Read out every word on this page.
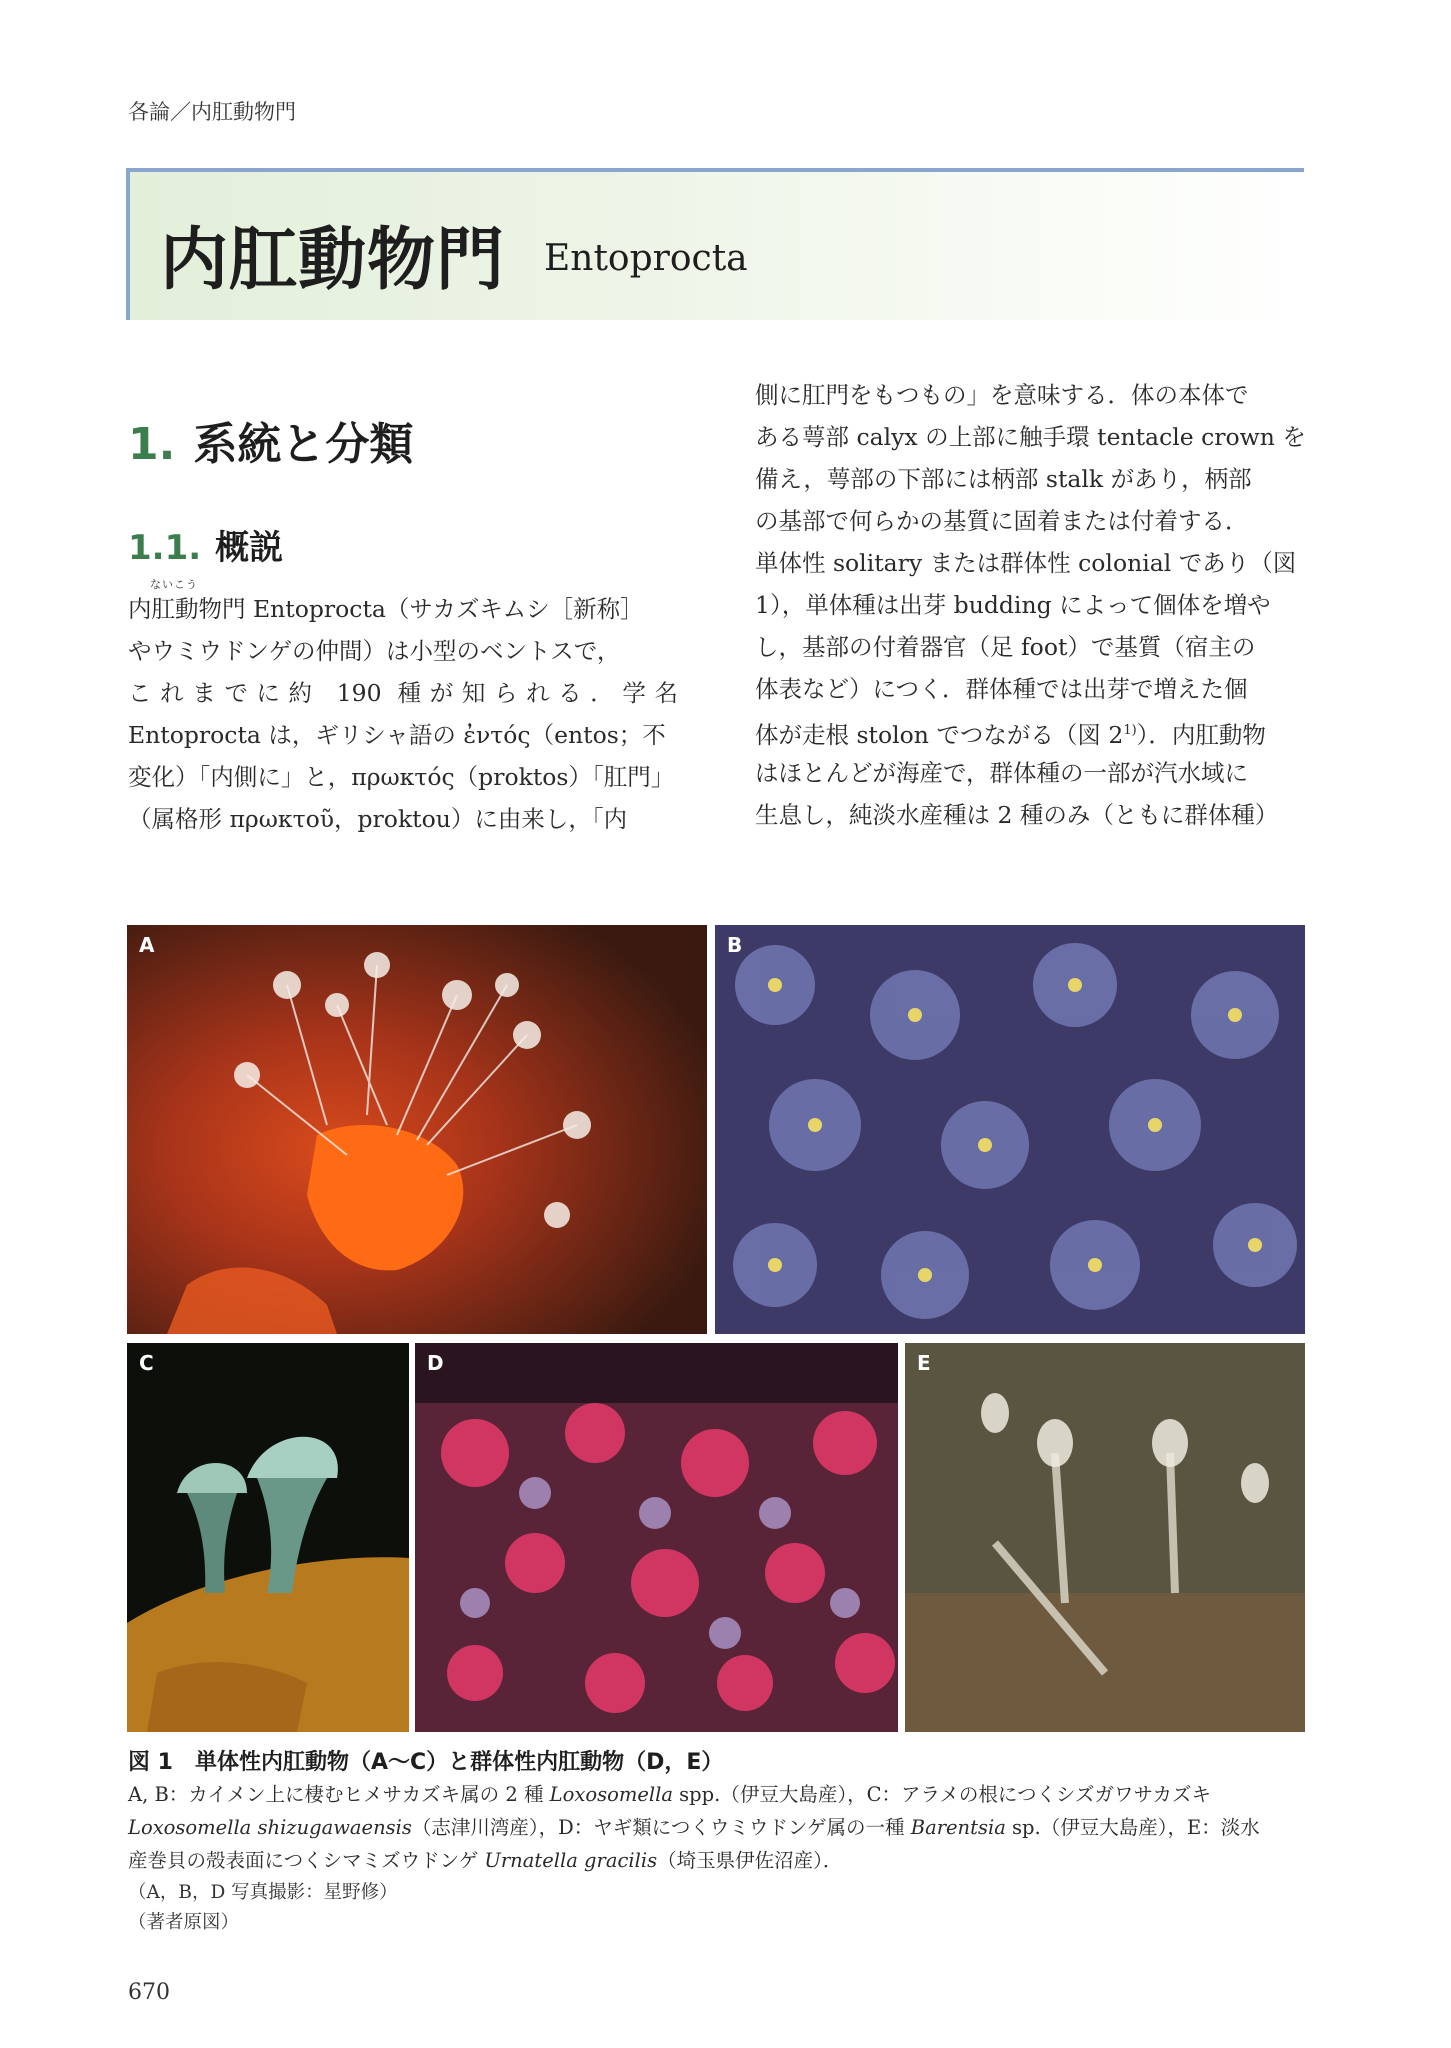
各論／内肛動物門
内肛動物門 Entoprocta
1. 系統と分類
1.1. 概説
ないこう
内肛動物門 Entoprocta（サカズキムシ［新称］
やウミウドンゲの仲間）は小型のベントスで，
これまでに約 190 種が知られる．学名
Entoprocta は，ギリシャ語の ἐντός（entos；不
変化）「内側に」と，πρωκτός（proktos）「肛門」
（属格形 πρωκτοῦ，proktou）に由来し，「内
側に肛門をもつもの」を意味する．体の本体で
ある萼部 calyx の上部に触手環 tentacle crown を
備え，萼部の下部には柄部 stalk があり，柄部
の基部で何らかの基質に固着または付着する．
単体性 solitary または群体性 colonial であり（図
1），単体種は出芽 budding によって個体を増や
し，基部の付着器官（足 foot）で基質（宿主の
体表など）につく．群体種では出芽で増えた個
体が走根 stolon でつながる（図 2$^{1)}$）．内肛動物
はほとんどが海産で，群体種の一部が汽水域に
生息し，純淡水産種は 2 種のみ（ともに群体種）
A	B
C	D	E
図 1　単体性内肛動物（A〜C）と群体性内肛動物（D，E）
A, B：カイメン上に棲むヒメサカズキ属の 2 種 Loxosomella spp.（伊豆大島産），C：アラメの根につくシズガワサカズキ
Loxosomella shizugawaensis（志津川湾産），D：ヤギ類につくウミウドンゲ属の一種 Barentsia sp.（伊豆大島産），E：淡水
産巻貝の殻表面につくシマミズウドンゲ Urnatella gracilis（埼玉県伊佐沼産）．
（A，B，D 写真撮影：星野修）
（著者原図）
670
